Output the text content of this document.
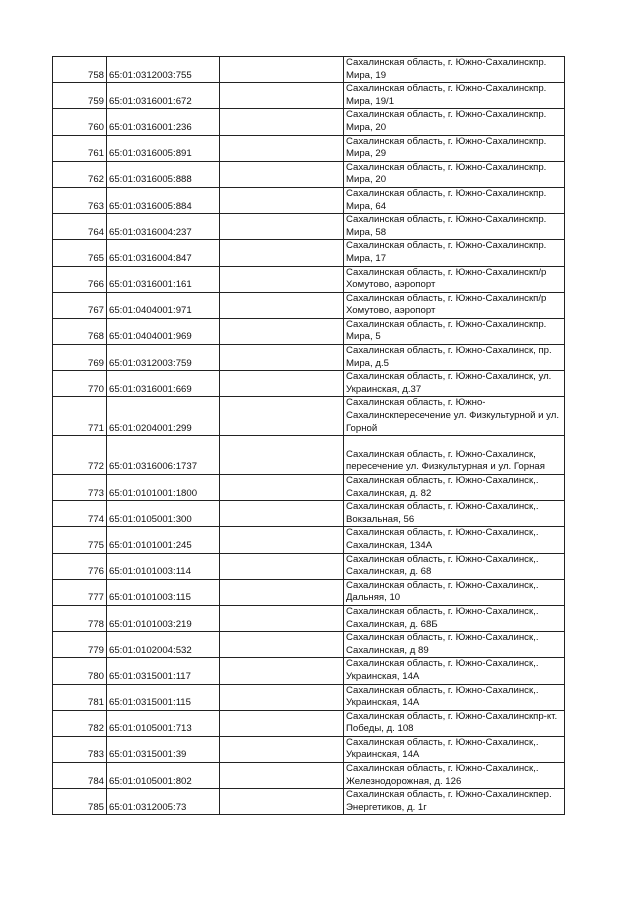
758	65:01:0312003:755		Сахалинская область, г. Южно-Сахалинскпр.
Мира, 19

759	65:01:0316001:672		Сахалинская область, г. Южно-Сахалинскпр.
Мира, 19/1

760	65:01:0316001:236		Сахалинская область, г. Южно-Сахалинскпр.
Мира, 20

761	65:01:0316005:891		Сахалинская область, г. Южно-Сахалинскпр.
Мира, 29

762	65:01:0316005:888		Сахалинская область, г. Южно-Сахалинскпр.
Мира, 20

763	65:01:0316005:884		Сахалинская область, г. Южно-Сахалинскпр.
Мира, 64

764	65:01:0316004:237		Сахалинская область, г. Южно-Сахалинскпр.
Мира, 58

765	65:01:0316004:847		Сахалинская область, г. Южно-Сахалинскпр.
Мира, 17

766	65:01:0316001:161		Сахалинская область, г. Южно-Сахалинскп/р
Хомутово, аэропорт

767	65:01:0404001:971		Сахалинская область, г. Южно-Сахалинскп/р
Хомутово, аэропорт

768	65:01:0404001:969		Сахалинская область, г. Южно-Сахалинскпр.
Мира, 5

769	65:01:0312003:759		Сахалинская область, г. Южно-Сахалинск, пр.
Мира, д.5

770	65:01:0316001:669		Сахалинская область, г. Южно-Сахалинск, ул.
Украинская, д.37

771	65:01:0204001:299		Сахалинская область, г. Южно-
Сахалинскпересечение ул. Физкультурной и ул.
Горной

772	65:01:0316006:1737		Сахалинская область, г. Южно-Сахалинск,
пересечение ул. Физкультурная и ул. Горная

773	65:01:0101001:1800		Сахалинская область, г. Южно-Сахалинск,.
Сахалинская, д. 82

774	65:01:0105001:300		Сахалинская область, г. Южно-Сахалинск,.
Вокзальная, 56

775	65:01:0101001:245		Сахалинская область, г. Южно-Сахалинск,.
Сахалинская, 134А

776	65:01:0101003:114		Сахалинская область, г. Южно-Сахалинск,.
Сахалинская, д. 68

777	65:01:0101003:115		Сахалинская область, г. Южно-Сахалинск,.
Дальняя, 10

778	65:01:0101003:219		Сахалинская область, г. Южно-Сахалинск,.
Сахалинская, д. 68Б

779	65:01:0102004:532		Сахалинская область, г. Южно-Сахалинск,.
Сахалинская, д 89

780	65:01:0315001:117		Сахалинская область, г. Южно-Сахалинск,.
Украинская, 14А

781	65:01:0315001:115		Сахалинская область, г. Южно-Сахалинск,.
Украинская, 14А

782	65:01:0105001:713		Сахалинская область, г. Южно-Сахалинскпр-кт.
Победы, д. 108

783	65:01:0315001:39		Сахалинская область, г. Южно-Сахалинск,.
Украинская, 14А

784	65:01:0105001:802		Сахалинская область, г. Южно-Сахалинск,.
Железнодорожная, д. 126

785	65:01:0312005:73		Сахалинская область, г. Южно-Сахалинскпер.
Энергетиков, д. 1г
